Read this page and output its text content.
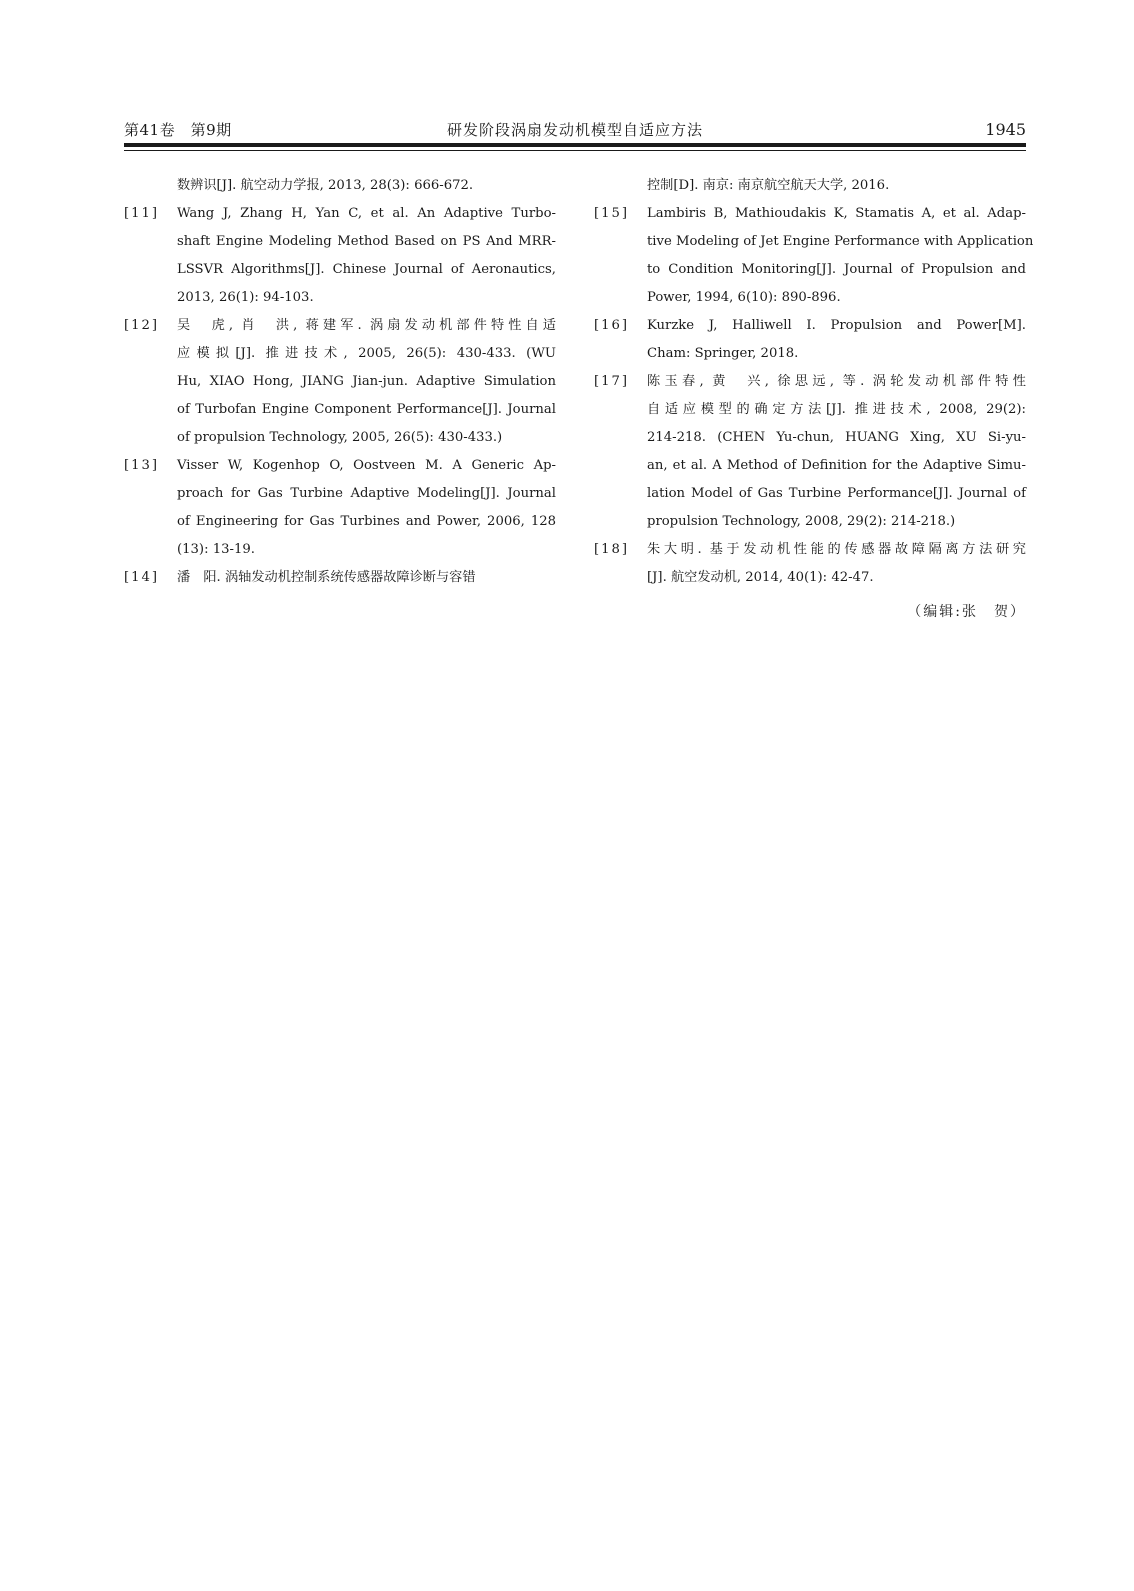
第41卷　第9期	研发阶段涡扇发动机模型自适应方法	1945
数辨识[J]. 航空动力学报, 2013, 28(3): 666-672.
[11] Wang J, Zhang H, Yan C, et al. An Adaptive Turbo-
shaft Engine Modeling Method Based on PS And MRR-
LSSVR Algorithms[J]. Chinese Journal of Aeronautics,
2013, 26(1): 94-103.
[12] 吴　虎, 肖　洪, 蒋建军. 涡扇发动机部件特性自适
应模拟[J]. 推进技术, 2005, 26(5): 430-433. (WU
Hu, XIAO Hong, JIANG Jian-jun. Adaptive Simulation
of Turbofan Engine Component Performance[J]. Journal
of propulsion Technology, 2005, 26(5): 430-433.)
[13] Visser W, Kogenhop O, Oostveen M. A Generic Ap-
proach for Gas Turbine Adaptive Modeling[J]. Journal
of Engineering for Gas Turbines and Power, 2006, 128
(13): 13-19.
[14] 潘　阳. 涡轴发动机控制系统传感器故障诊断与容错
控制[D]. 南京: 南京航空航天大学, 2016.
[15] Lambiris B, Mathioudakis K, Stamatis A, et al. Adap-
tive Modeling of Jet Engine Performance with Application
to Condition Monitoring[J]. Journal of Propulsion and
Power, 1994, 6(10): 890-896.
[16] Kurzke J, Halliwell I. Propulsion and Power[M].
Cham: Springer, 2018.
[17] 陈玉春, 黄　兴, 徐思远, 等. 涡轮发动机部件特性
自适应模型的确定方法[J]. 推进技术, 2008, 29(2):
214-218. (CHEN Yu-chun, HUANG Xing, XU Si-yu-
an, et al. A Method of Definition for the Adaptive Simu-
lation Model of Gas Turbine Performance[J]. Journal of
propulsion Technology, 2008, 29(2): 214-218.)
[18] 朱大明. 基于发动机性能的传感器故障隔离方法研究
[J]. 航空发动机, 2014, 40(1): 42-47.
（编辑:张　贺）
